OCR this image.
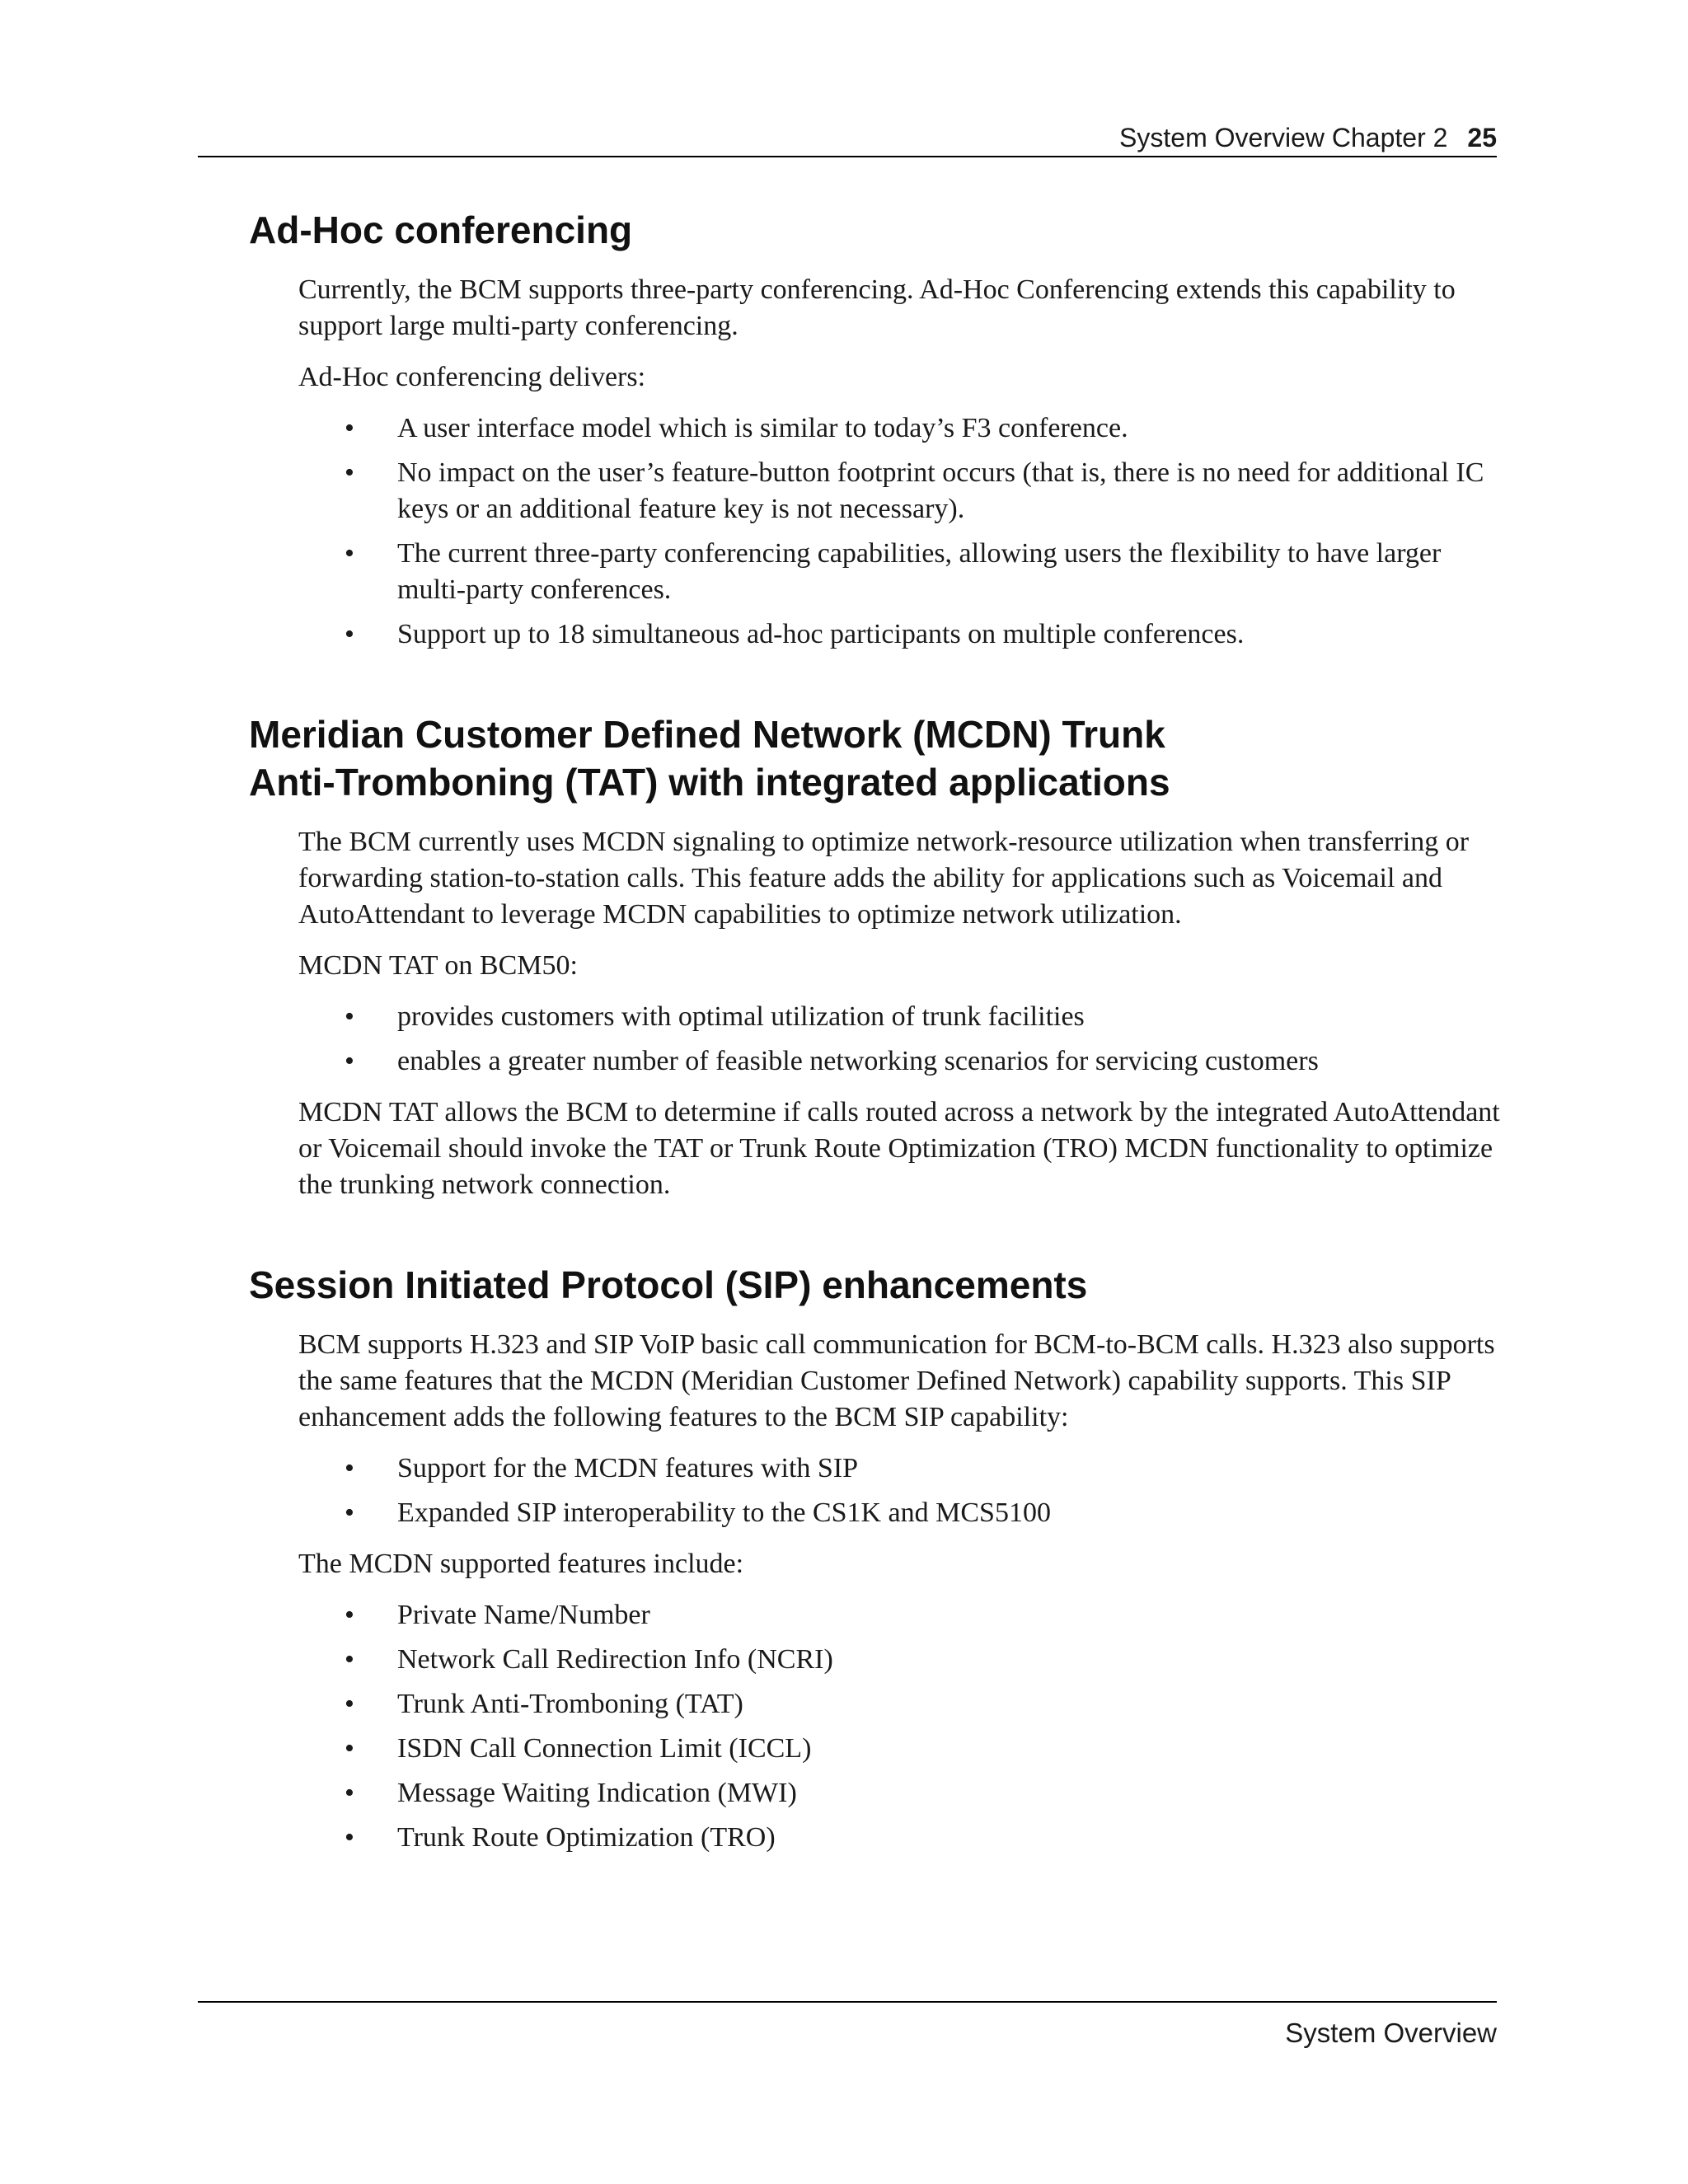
System Overview Chapter 2 25
Ad-Hoc conferencing

Currently, the BCM supports three-party conferencing. Ad-Hoc Conferencing extends this capability to support large multi-party conferencing.

Ad-Hoc conferencing delivers:

• A user interface model which is similar to today’s F3 conference.
• No impact on the user’s feature-button footprint occurs (that is, there is no need for additional IC keys or an additional feature key is not necessary).
• The current three-party conferencing capabilities, allowing users the flexibility to have larger multi-party conferences.
• Support up to 18 simultaneous ad-hoc participants on multiple conferences.
Meridian Customer Defined Network (MCDN) Trunk
Anti-Tromboning (TAT) with integrated applications

The BCM currently uses MCDN signaling to optimize network-resource utilization when transferring or forwarding station-to-station calls. This feature adds the ability for applications such as Voicemail and AutoAttendant to leverage MCDN capabilities to optimize network utilization.

MCDN TAT on BCM50:

• provides customers with optimal utilization of trunk facilities
• enables a greater number of feasible networking scenarios for servicing customers

MCDN TAT allows the BCM to determine if calls routed across a network by the integrated AutoAttendant or Voicemail should invoke the TAT or Trunk Route Optimization (TRO) MCDN functionality to optimize the trunking network connection.

Session Initiated Protocol (SIP) enhancements

BCM supports H.323 and SIP VoIP basic call communication for BCM-to-BCM calls. H.323 also supports the same features that the MCDN (Meridian Customer Defined Network) capability supports. This SIP enhancement adds the following features to the BCM SIP capability:

• Support for the MCDN features with SIP
• Expanded SIP interoperability to the CS1K and MCS5100

The MCDN supported features include:

• Private Name/Number
• Network Call Redirection Info (NCRI)
• Trunk Anti-Tromboning (TAT)
• ISDN Call Connection Limit (ICCL)
• Message Waiting Indication (MWI)
• Trunk Route Optimization (TRO)
System Overview
